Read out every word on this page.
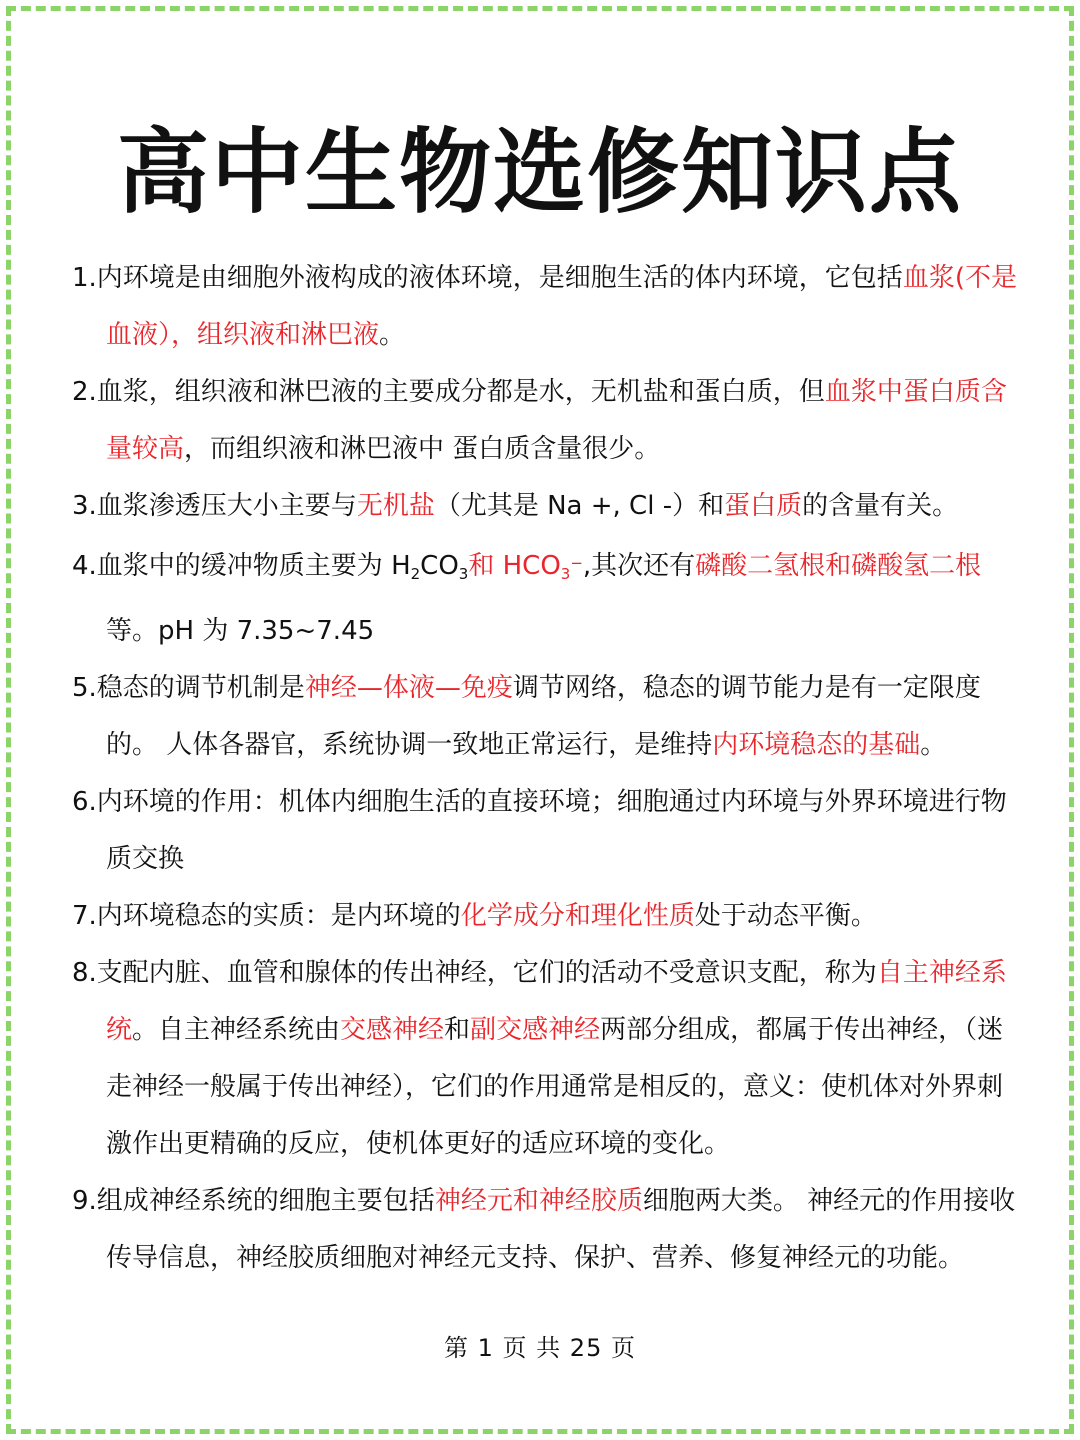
高中生物选修知识点

1.内环境是由细胞外液构成的液体环境，是细胞生活的体内环境，它包括血浆(不是血液），组织液和淋巴液。

2.血浆，组织液和淋巴液的主要成分都是水，无机盐和蛋白质，但血浆中蛋白质含量较高，而组织液和淋巴液中 蛋白质含量很少。

3.血浆渗透压大小主要与无机盐（尤其是 Na +, Cl -）和蛋白质的含量有关。

4.血浆中的缓冲物质主要为 $H_2CO_3$和 $HCO_3^-$,其次还有磷酸二氢根和磷酸氢二根等。pH 为 7.35~7.45

5.稳态的调节机制是神经—体液—免疫调节网络，稳态的调节能力是有一定限度的。 人体各器官，系统协调一致地正常运行，是维持内环境稳态的基础。

6.内环境的作用：机体内细胞生活的直接环境；细胞通过内环境与外界环境进行物质交换

7.内环境稳态的实质：是内环境的化学成分和理化性质处于动态平衡。

8.支配内脏、血管和腺体的传出神经，它们的活动不受意识支配，称为自主神经系统。自主神经系统由交感神经和副交感神经两部分组成，都属于传出神经，（迷走神经一般属于传出神经），它们的作用通常是相反的，意义：使机体对外界刺激作出更精确的反应，使机体更好的适应环境的变化。

9.组成神经系统的细胞主要包括神经元和神经胶质细胞两大类。 神经元的作用接收传导信息，神经胶质细胞对神经元支持、保护、营养、修复神经元的功能。

第 1 页 共 25 页
